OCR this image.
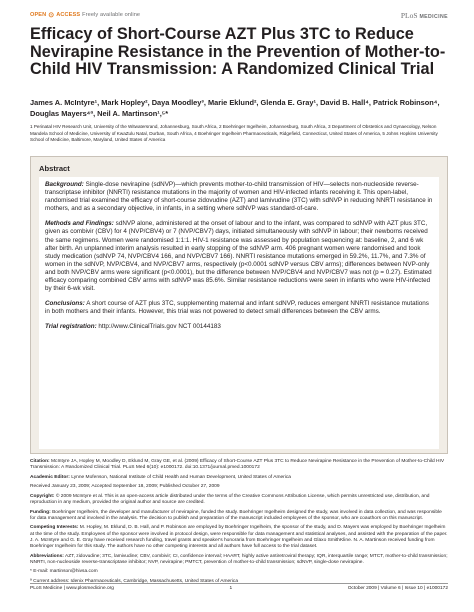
OPEN ⊙ ACCESS Freely available online	PLoS MEDICINE
Efficacy of Short-Course AZT Plus 3TC to Reduce Nevirapine Resistance in the Prevention of Mother-to-Child HIV Transmission: A Randomized Clinical Trial

James A. McIntyre¹, Mark Hopley², Daya Moodley³, Marie Eklund², Glenda E. Gray¹, David B. Hall⁴, Patrick Robinson⁴, Douglas Mayers⁴ª, Neil A. Martinson¹,⁵*

1 Perinatal HIV Research Unit, University of the Witwatersrand, Johannesburg, South Africa, 2 Boehringer Ingelheim, Johannesburg, South Africa, 3 Department of Obstetrics and Gynaecology, Nelson Mandela School of Medicine, University of KwaZulu Natal, Durban, South Africa, 4 Boehringer Ingelheim Pharmaceuticals, Ridgefield, Connecticut, United States of America, 5 Johns Hopkins University School of Medicine, Baltimore, Maryland, United States of America

Abstract

Background: Single-dose nevirapine (sdNVP)—which prevents mother-to-child transmission of HIV—selects non-nucleoside reverse-transcriptase inhibitor (NNRTI) resistance mutations in the majority of women and HIV-infected infants receiving it. This open-label, randomised trial examined the efficacy of short-course zidovudine (AZT) and lamivudine (3TC) with sdNVP in reducing NNRTI resistance in mothers, and as a secondary objective, in infants, in a setting where sdNVP was standard-of-care.

Methods and Findings: sdNVP alone, administered at the onset of labour and to the infant, was compared to sdNVP with AZT plus 3TC, given as combivir (CBV) for 4 (NVP/CBV4) or 7 (NVP/CBV7) days, initiated simultaneously with sdNVP in labour; their newborns received the same regimens. Women were randomised 1:1:1. HIV-1 resistance was assessed by population sequencing at: baseline, 2, and 6 wk after birth. An unplanned interim analysis resulted in early stopping of the sdNVP arm. 406 pregnant women were randomised and took study medication (sdNVP 74, NVP/CBV4 166, and NVP/CBV7 166). NNRTI resistance mutations emerged in 59.2%, 11.7%, and 7.3% of women in the sdNVP, NVP/CBV4, and NVP/CBV7 arms, respectively (p<0.0001 sdNVP versus CBV arms); differences between NVP-only and both NVP/CBV arms were significant (p<0.0001), but the difference between NVP/CBV4 and NVP/CBV7 was not (p = 0.27). Estimated efficacy comparing combined CBV arms with sdNVP was 85.6%. Similar resistance reductions were seen in infants who were HIV-infected by their 6-wk visit.

Conclusions: A short course of AZT plus 3TC, supplementing maternal and infant sdNVP, reduces emergent NNRTI resistance mutations in both mothers and their infants. However, this trial was not powered to detect small differences between the CBV arms.

Trial registration: http://www.ClinicalTrials.gov NCT 00144183

Citation: McIntyre JA, Hopley M, Moodley D, Eklund M, Gray GE, et al. (2009) Efficacy of Short-Course AZT Plus 3TC to Reduce Nevirapine Resistance in the Prevention of Mother-to-Child HIV Transmission: A Randomized Clinical Trial. PLoS Med 6(10): e1000172. doi:10.1371/journal.pmed.1000172

Academic Editor: Lynne Mofenson, National Institute of Child Health and Human Development, United States of America

Received January 23, 2009; Accepted September 18, 2009; Published October 27, 2009

Copyright: © 2009 McIntyre et al. This is an open-access article distributed under the terms of the Creative Commons Attribution License, which permits unrestricted use, distribution, and reproduction in any medium, provided the original author and source are credited.

Funding: Boehringer Ingelheim, the developer and manufacturer of nevirapine, funded the study. Boehringer Ingelheim designed the study, was involved in data collection, and was responsible for data management and involved in the analysis. The decision to publish and preparation of the manuscript included employees of the sponsor, who are coauthors on this manuscript.

Competing Interests: M. Hopley, M. Eklund, D. B. Hall, and P. Robinson are employed by Boehringer Ingelheim, the sponsor of the study, and D. Mayers was employed by Boehringer Ingelheim at the time of the study. Employees of the sponsor were involved in protocol design, were responsible for data management and statistical analyses, and assisted with the preparation of the paper. J. A. McIntyre and G. E. Gray have received research funding, travel grants and speaker's honoraria from Boehringer Ingelheim and Glaxo SmithKline. N. A. Martinson received funding from Boehringer Ingelheim for this study. The authors have no other competing interests and all authors have full access to the trial dataset.

Abbreviations: AZT, zidovudine; 3TC, lamivudine; CBV, combivir; CI, confidence interval; HAART, highly active antiretroviral therapy; IQR, interquartile range; MTCT, mother-to-child transmission; NNRTI, non-nucleoside reverse-transcriptase inhibitor; NVP, nevirapine; PMTCT, prevention of mother-to-child transmission; sdNVP, single-dose nevirapine.

* E-mail: martinson@hivsa.com

ª Current address: Idenix Pharmaceuticals, Cambridge, Massachusetts, United States of America

PLoS Medicine | www.plosmedicine.org	1	October 2009 | Volume 6 | Issue 10 | e1000172
